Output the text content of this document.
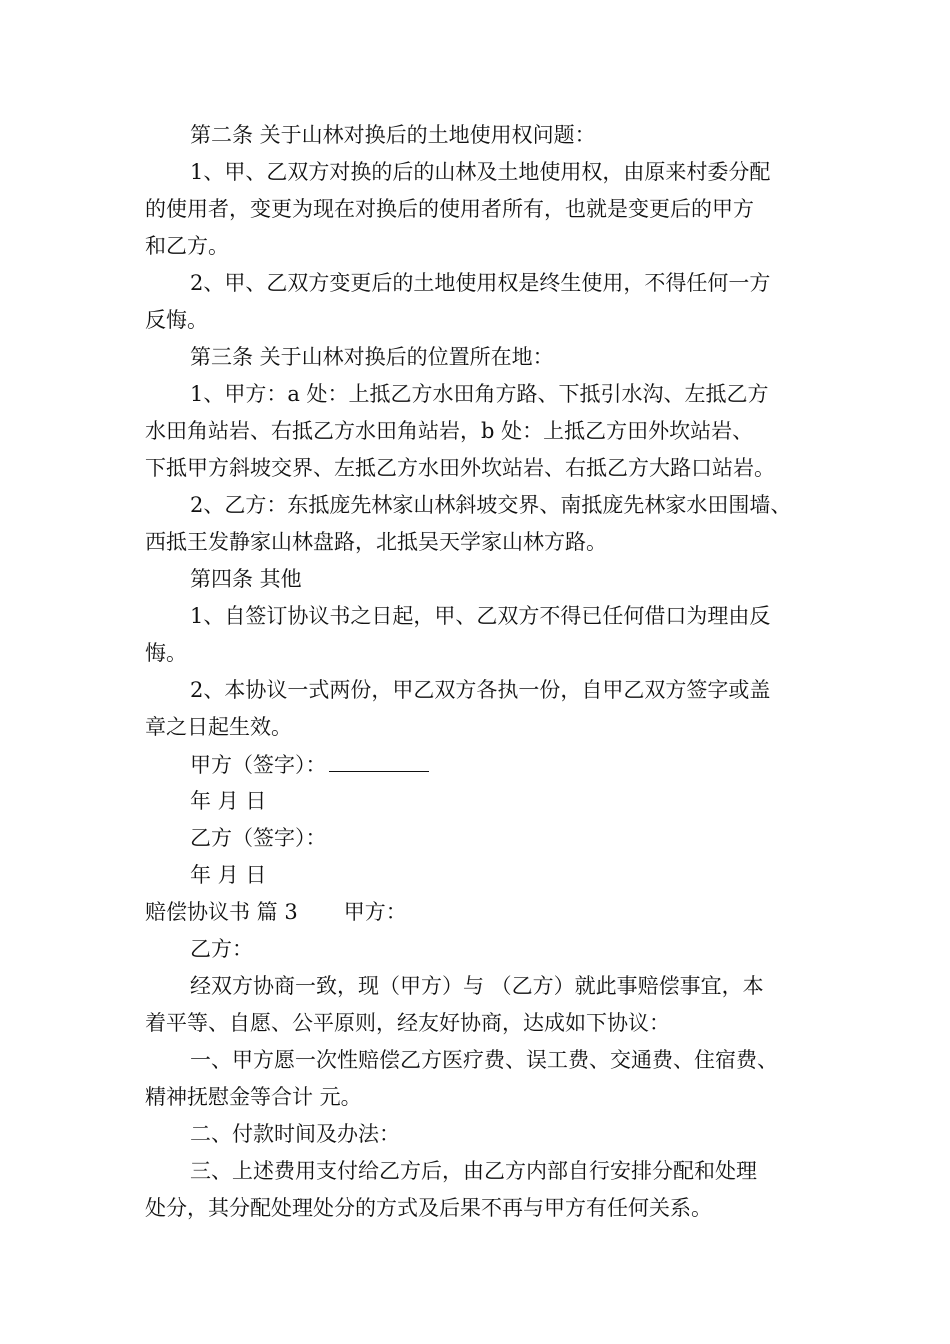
第二条 关于山林对换后的土地使用权问题：
1、甲、乙双方对换的后的山林及土地使用权，由原来村委分配
的使用者，变更为现在对换后的使用者所有，也就是变更后的甲方
和乙方。
2、甲、乙双方变更后的土地使用权是终生使用，不得任何一方
反悔。
第三条 关于山林对换后的位置所在地：
1、甲方：a 处：上抵乙方水田角方路、下抵引水沟、左抵乙方
水田角站岩、右抵乙方水田角站岩，b 处：上抵乙方田外坎站岩、
下抵甲方斜坡交界、左抵乙方水田外坎站岩、右抵乙方大路口站岩。
2、乙方：东抵庞先林家山林斜坡交界、南抵庞先林家水田围墙、
西抵王发静家山林盘路，北抵吴天学家山林方路。
第四条 其他
1、自签订协议书之日起，甲、乙双方不得已任何借口为理由反
悔。
2、本协议一式两份，甲乙双方各执一份，自甲乙双方签字或盖
章之日起生效。
甲方（签字）：
年 月 日
乙方（签字）：
年 月 日
赔偿协议书 篇 3 甲方：
乙方：
经双方协商一致，现（甲方）与 （乙方）就此事赔偿事宜，本
着平等、自愿、公平原则，经友好协商，达成如下协议：
一、甲方愿一次性赔偿乙方医疗费、误工费、交通费、住宿费、
精神抚慰金等合计 元。
二、付款时间及办法：
三、上述费用支付给乙方后，由乙方内部自行安排分配和处理
处分，其分配处理处分的方式及后果不再与甲方有任何关系。
